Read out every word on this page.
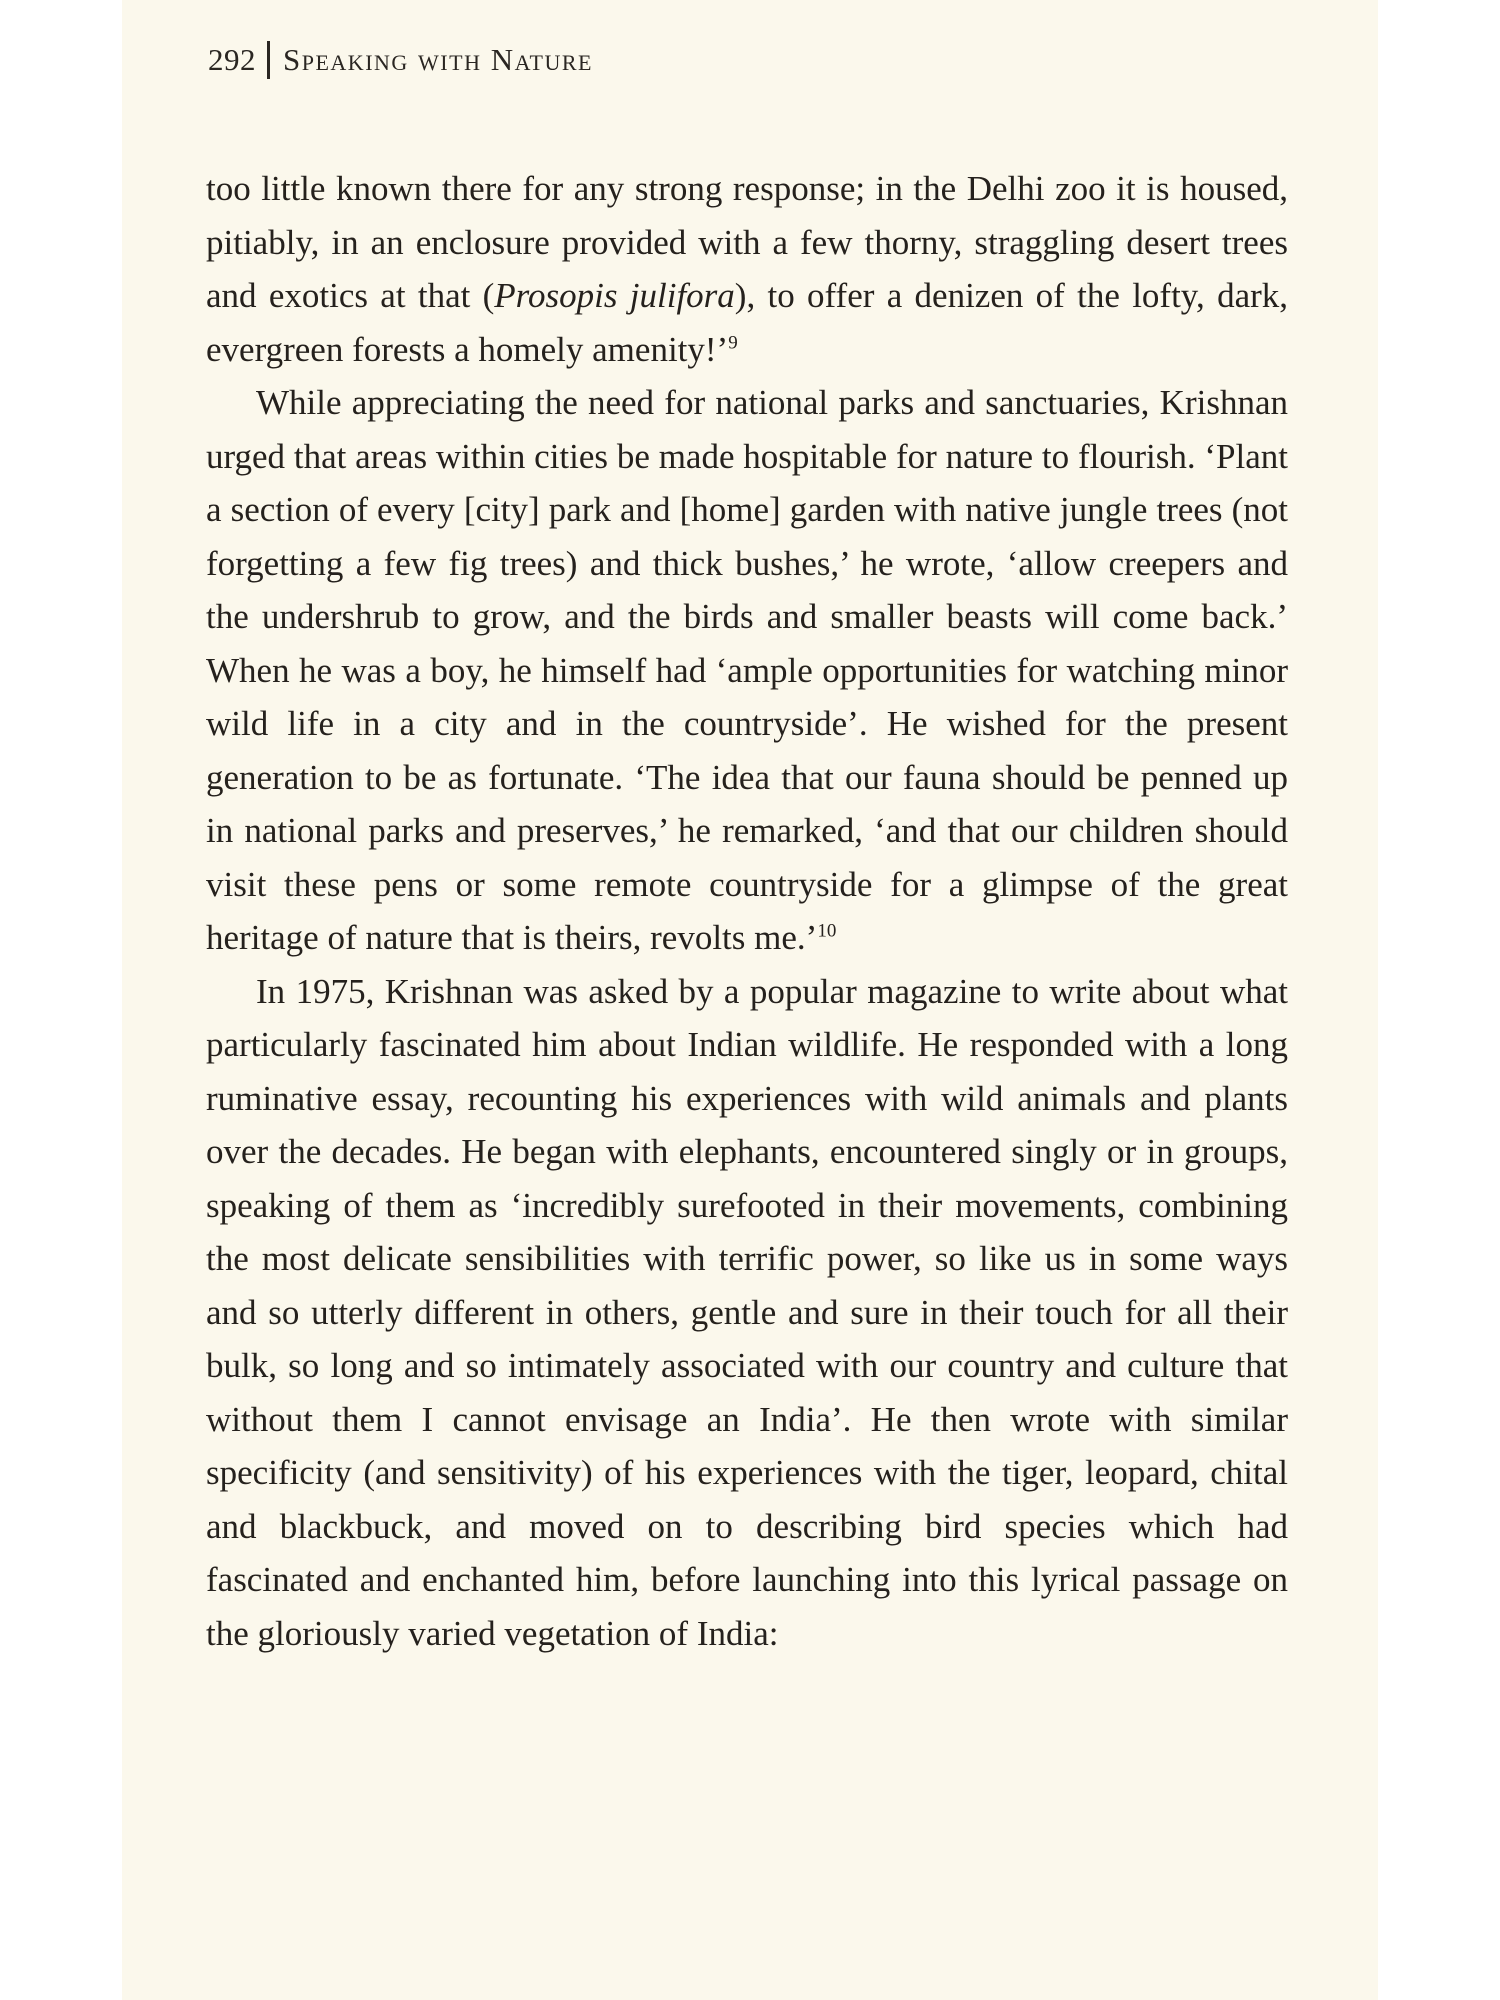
292 Speaking with Nature

too little known there for any strong response; in the Delhi zoo it is housed, pitiably, in an enclosure provided with a few thorny, straggling desert trees and exotics at that (Prosopis julifora), to offer a denizen of the lofty, dark, evergreen forests a homely amenity!’$^9$

While appreciating the need for national parks and sanctuaries, Krishnan urged that areas within cities be made hospitable for nature to flourish. ‘Plant a section of every [city] park and [home] garden with native jungle trees (not forgetting a few fig trees) and thick bushes,’ he wrote, ‘allow creepers and the undershrub to grow, and the birds and smaller beasts will come back.’ When he was a boy, he himself had ‘ample opportunities for watching minor wild life in a city and in the countryside’. He wished for the present generation to be as fortunate. ‘The idea that our fauna should be penned up in national parks and preserves,’ he remarked, ‘and that our children should visit these pens or some remote countryside for a glimpse of the great heritage of nature that is theirs, revolts me.’$^{10}$

In 1975, Krishnan was asked by a popular magazine to write about what particularly fascinated him about Indian wildlife. He responded with a long ruminative essay, recounting his experiences with wild animals and plants over the decades. He began with elephants, encountered singly or in groups, speaking of them as ‘incredibly surefooted in their movements, combining the most delicate sensibilities with terrific power, so like us in some ways and so utterly different in others, gentle and sure in their touch for all their bulk, so long and so intimately associated with our country and culture that without them I cannot envisage an India’. He then wrote with similar specificity (and sensitivity) of his experiences with the tiger, leopard, chital and blackbuck, and moved on to describing bird species which had fascinated and enchanted him, before launching into this lyrical passage on the gloriously varied vegetation of India:
